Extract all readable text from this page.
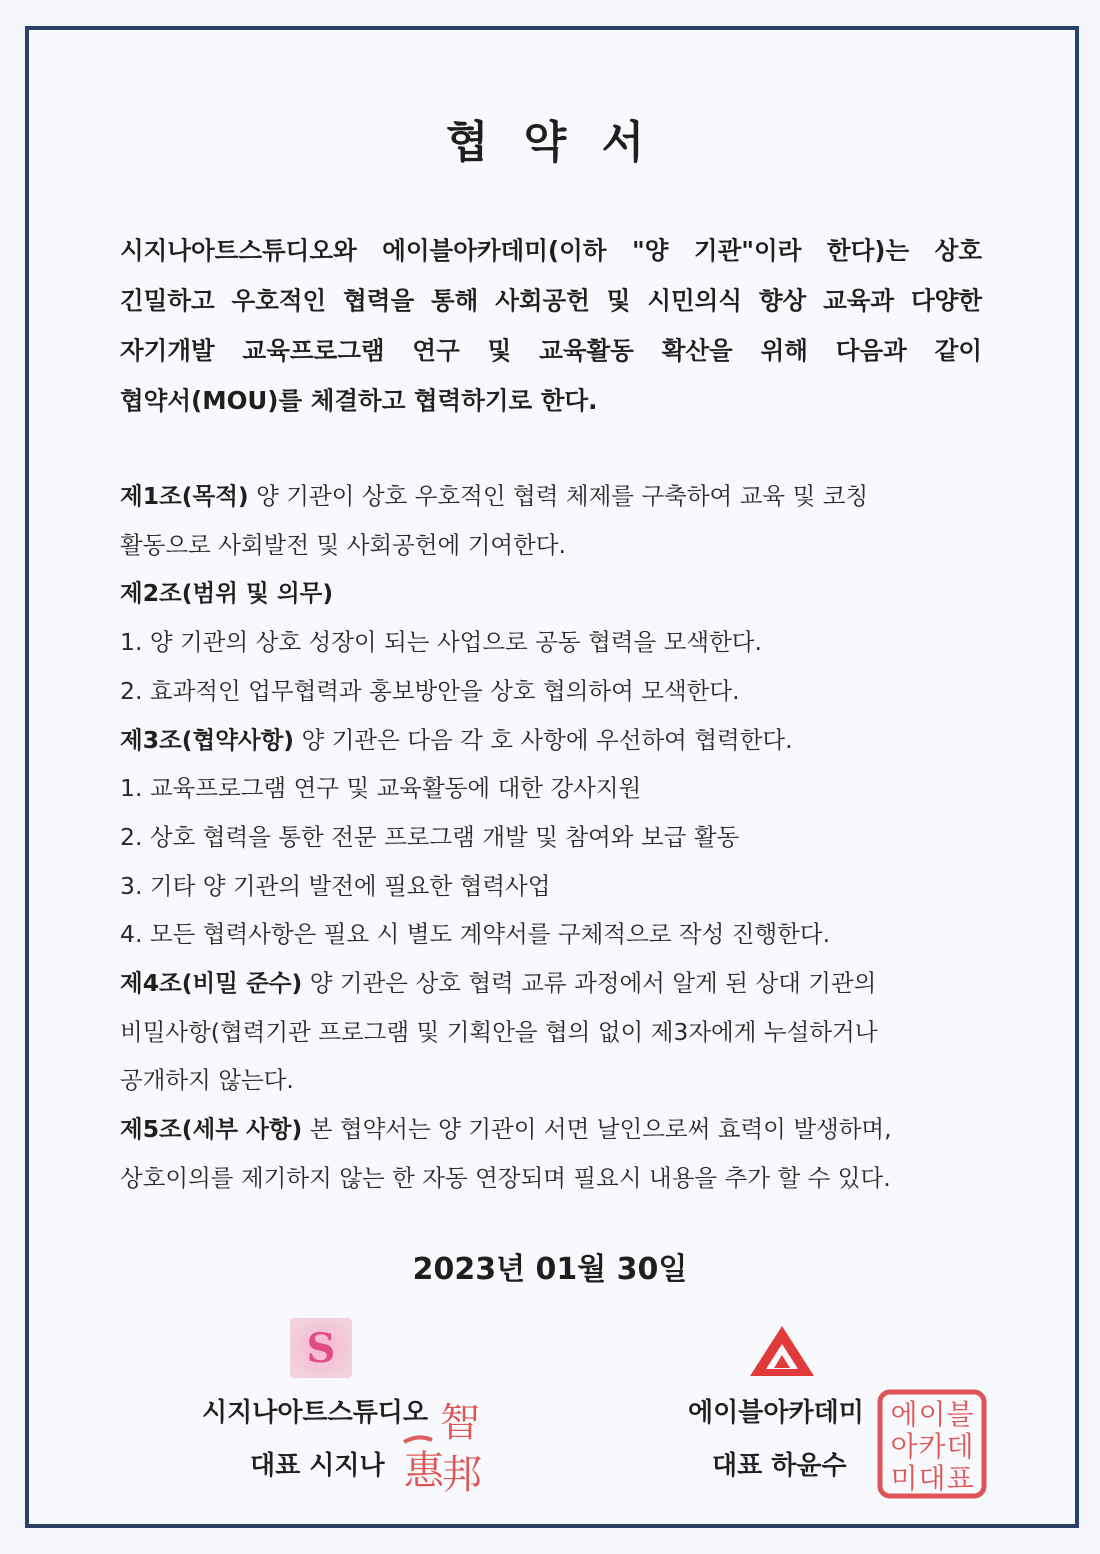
협 약 서
시지나아트스튜디오와 에이블아카데미(이하 "양 기관"이라 한다)는 상호
긴밀하고 우호적인 협력을 통해 사회공헌 및 시민의식 향상 교육과 다양한
자기개발 교육프로그램 연구 및 교육활동 확산을 위해 다음과 같이
협약서(MOU)를 체결하고 협력하기로 한다.
제1조(목적) 양 기관이 상호 우호적인 협력 체제를 구축하여 교육 및 코칭
활동으로 사회발전 및 사회공헌에 기여한다.
제2조(범위 및 의무)
1. 양 기관의 상호 성장이 되는 사업으로 공동 협력을 모색한다.
2. 효과적인 업무협력과 홍보방안을 상호 협의하여 모색한다.
제3조(협약사항) 양 기관은 다음 각 호 사항에 우선하여 협력한다.
1. 교육프로그램 연구 및 교육활동에 대한 강사지원
2. 상호 협력을 통한 전문 프로그램 개발 및 참여와 보급 활동
3. 기타 양 기관의 발전에 필요한 협력사업
4. 모든 협력사항은 필요 시 별도 계약서를 구체적으로 작성 진행한다.
제4조(비밀 준수) 양 기관은 상호 협력 교류 과정에서 알게 된 상대 기관의
비밀사항(협력기관 프로그램 및 기획안을 협의 없이 제3자에게 누설하거나
공개하지 않는다.
제5조(세부 사항) 본 협약서는 양 기관이 서면 날인으로써 효력이 발생하며,
상호이의를 제기하지 않는 한 자동 연장되며 필요시 내용을 추가 할 수 있다.
2023년 01월 30일
S
시지나아트스튜디오
대표 시지나
智
惠
邦
에이블아카데미
대표 하윤수
에 이 블
아 카 데
미 대 표
